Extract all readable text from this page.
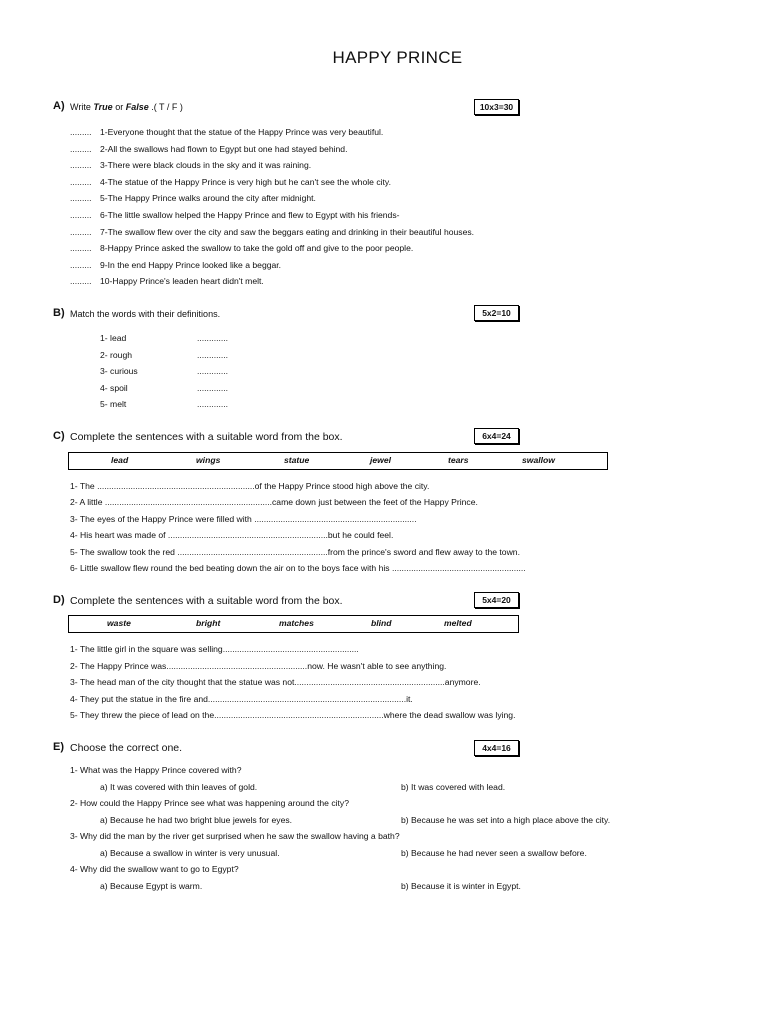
HAPPY PRINCE
A) Write True or False .( T / F )	10x3=30
......... 1-Everyone thought that the statue of the Happy Prince was very beautiful.
......... 2-All the swallows had flown to Egypt but one had stayed behind.
......... 3-There were black clouds in the sky and it was raining.
......... 4-The statue of the Happy Prince is very high but he can't see the whole city.
......... 5-The Happy Prince walks around the city after midnight.
......... 6-The little swallow helped the Happy Prince and flew to Egypt with his friends-
......... 7-The swallow flew over the city and saw the beggars eating and drinking in their beautiful houses.
......... 8-Happy Prince asked the swallow to take the gold off and give to the poor people.
......... 9-In the end Happy Prince looked like a beggar.
......... 10-Happy Prince's leaden heart didn't melt.
B) Match the words with their definitions.	5x2=10
1- lead	.............
2- rough	.............
3- curious	.............
4- spoil	.............
5- melt	.............
C) Complete the sentences with a suitable word from the box.	6x4=24
lead	wings	statue	jewel	tears	swallow
1- The ..................................................................of the Happy Prince stood high above the city.
2- A little ......................................................................came down just between the feet of the Happy Prince.
3- The eyes of the Happy Prince were filled with ....................................................................
4- His heart was made of ...................................................................but he could feel.
5- The swallow took the red ...............................................................from the prince's sword and flew away to the town.
6- Little swallow flew round the bed beating down the air on to the boys face with his ........................................................
D) Complete the sentences with a suitable word from the box.	5x4=20
waste	bright	matches	blind	melted
1- The little girl in the square was selling.........................................................
2- The Happy Prince was...........................................................now. He wasn't able to see anything.
3- The head man of the city thought that the statue was not...............................................................anymore.
4- They put the statue in the fire and...................................................................................it.
5- They threw the piece of lead on the.......................................................................where the dead swallow was lying.
E) Choose the correct one.	4x4=16
1- What was the Happy Prince covered with?
a) It was covered with thin leaves of gold.	b) It was covered with lead.
2- How could the Happy Prince see what was happening around the city?
a) Because he had two bright blue jewels for eyes.	b) Because he was set into a high place above the city.
3- Why did the man by the river get surprised when he saw the swallow having a bath?
a) Because a swallow in winter is very unusual.	b) Because he had never seen a swallow before.
4- Why did the swallow want to go to Egypt?
a) Because Egypt is warm.	b) Because it is winter in Egypt.
